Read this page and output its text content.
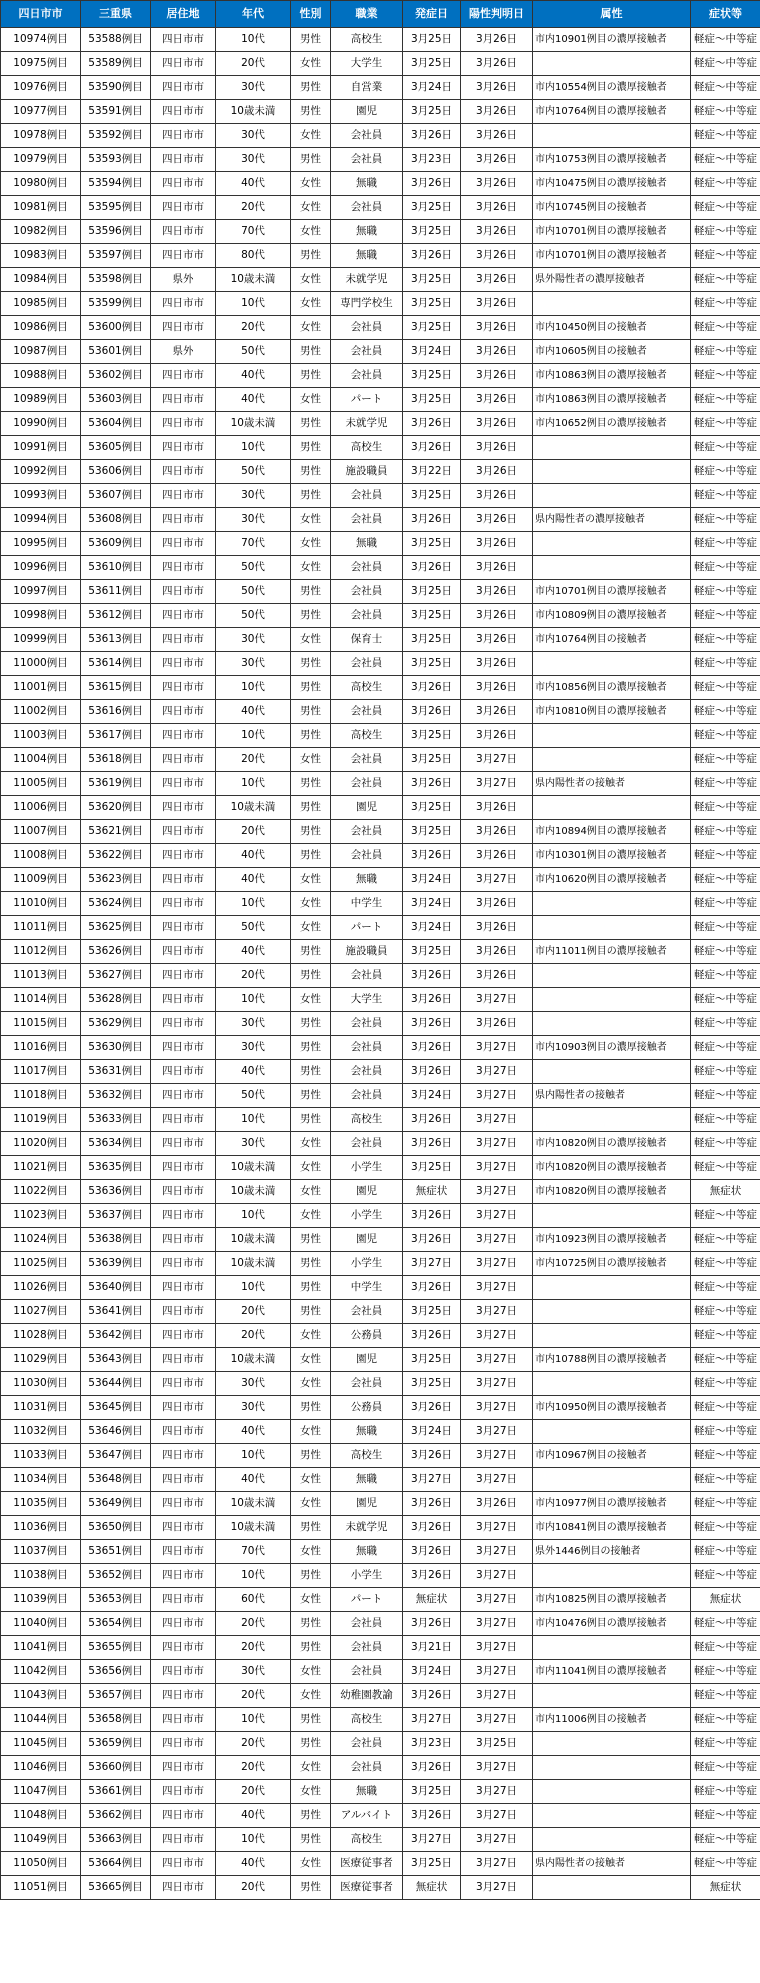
四日市市	三重県	居住地	年代	性別	職業	発症日	陽性判明日	属性	症状等
10974例目	53588例目	四日市市	10代	男性	高校生	3月25日	3月26日	市内10901例目の濃厚接触者	軽症～中等症
10975例目	53589例目	四日市市	20代	女性	大学生	3月25日	3月26日		軽症～中等症
10976例目	53590例目	四日市市	30代	男性	自営業	3月24日	3月26日	市内10554例目の濃厚接触者	軽症～中等症
10977例目	53591例目	四日市市	10歳未満	男性	園児	3月25日	3月26日	市内10764例目の濃厚接触者	軽症～中等症
10978例目	53592例目	四日市市	30代	女性	会社員	3月26日	3月26日		軽症～中等症
10979例目	53593例目	四日市市	30代	男性	会社員	3月23日	3月26日	市内10753例目の濃厚接触者	軽症～中等症
10980例目	53594例目	四日市市	40代	女性	無職	3月26日	3月26日	市内10475例目の濃厚接触者	軽症～中等症
10981例目	53595例目	四日市市	20代	女性	会社員	3月25日	3月26日	市内10745例目の接触者	軽症～中等症
10982例目	53596例目	四日市市	70代	女性	無職	3月25日	3月26日	市内10701例目の濃厚接触者	軽症～中等症
10983例目	53597例目	四日市市	80代	男性	無職	3月26日	3月26日	市内10701例目の濃厚接触者	軽症～中等症
10984例目	53598例目	県外	10歳未満	女性	未就学児	3月25日	3月26日	県外陽性者の濃厚接触者	軽症～中等症
10985例目	53599例目	四日市市	10代	女性	専門学校生	3月25日	3月26日		軽症～中等症
10986例目	53600例目	四日市市	20代	女性	会社員	3月25日	3月26日	市内10450例目の接触者	軽症～中等症
10987例目	53601例目	県外	50代	男性	会社員	3月24日	3月26日	市内10605例目の接触者	軽症～中等症
10988例目	53602例目	四日市市	40代	男性	会社員	3月25日	3月26日	市内10863例目の濃厚接触者	軽症～中等症
10989例目	53603例目	四日市市	40代	女性	パート	3月25日	3月26日	市内10863例目の濃厚接触者	軽症～中等症
10990例目	53604例目	四日市市	10歳未満	男性	未就学児	3月26日	3月26日	市内10652例目の濃厚接触者	軽症～中等症
10991例目	53605例目	四日市市	10代	男性	高校生	3月26日	3月26日		軽症～中等症
10992例目	53606例目	四日市市	50代	男性	施設職員	3月22日	3月26日		軽症～中等症
10993例目	53607例目	四日市市	30代	男性	会社員	3月25日	3月26日		軽症～中等症
10994例目	53608例目	四日市市	30代	女性	会社員	3月26日	3月26日	県内陽性者の濃厚接触者	軽症～中等症
10995例目	53609例目	四日市市	70代	女性	無職	3月25日	3月26日		軽症～中等症
10996例目	53610例目	四日市市	50代	女性	会社員	3月26日	3月26日		軽症～中等症
10997例目	53611例目	四日市市	50代	男性	会社員	3月25日	3月26日	市内10701例目の濃厚接触者	軽症～中等症
10998例目	53612例目	四日市市	50代	男性	会社員	3月25日	3月26日	市内10809例目の濃厚接触者	軽症～中等症
10999例目	53613例目	四日市市	30代	女性	保育士	3月25日	3月26日	市内10764例目の接触者	軽症～中等症
11000例目	53614例目	四日市市	30代	男性	会社員	3月25日	3月26日		軽症～中等症
11001例目	53615例目	四日市市	10代	男性	高校生	3月26日	3月26日	市内10856例目の濃厚接触者	軽症～中等症
11002例目	53616例目	四日市市	40代	男性	会社員	3月26日	3月26日	市内10810例目の濃厚接触者	軽症～中等症
11003例目	53617例目	四日市市	10代	男性	高校生	3月25日	3月26日		軽症～中等症
11004例目	53618例目	四日市市	20代	女性	会社員	3月25日	3月27日		軽症～中等症
11005例目	53619例目	四日市市	10代	男性	会社員	3月26日	3月27日	県内陽性者の接触者	軽症～中等症
11006例目	53620例目	四日市市	10歳未満	男性	園児	3月25日	3月26日		軽症～中等症
11007例目	53621例目	四日市市	20代	男性	会社員	3月25日	3月26日	市内10894例目の濃厚接触者	軽症～中等症
11008例目	53622例目	四日市市	40代	男性	会社員	3月26日	3月26日	市内10301例目の濃厚接触者	軽症～中等症
11009例目	53623例目	四日市市	40代	女性	無職	3月24日	3月27日	市内10620例目の濃厚接触者	軽症～中等症
11010例目	53624例目	四日市市	10代	女性	中学生	3月24日	3月26日		軽症～中等症
11011例目	53625例目	四日市市	50代	女性	パート	3月24日	3月26日		軽症～中等症
11012例目	53626例目	四日市市	40代	男性	施設職員	3月25日	3月26日	市内11011例目の濃厚接触者	軽症～中等症
11013例目	53627例目	四日市市	20代	男性	会社員	3月26日	3月26日		軽症～中等症
11014例目	53628例目	四日市市	10代	女性	大学生	3月26日	3月27日		軽症～中等症
11015例目	53629例目	四日市市	30代	男性	会社員	3月26日	3月26日		軽症～中等症
11016例目	53630例目	四日市市	30代	男性	会社員	3月26日	3月27日	市内10903例目の濃厚接触者	軽症～中等症
11017例目	53631例目	四日市市	40代	男性	会社員	3月26日	3月27日		軽症～中等症
11018例目	53632例目	四日市市	50代	男性	会社員	3月24日	3月27日	県内陽性者の接触者	軽症～中等症
11019例目	53633例目	四日市市	10代	男性	高校生	3月26日	3月27日		軽症～中等症
11020例目	53634例目	四日市市	30代	女性	会社員	3月26日	3月27日	市内10820例目の濃厚接触者	軽症～中等症
11021例目	53635例目	四日市市	10歳未満	女性	小学生	3月25日	3月27日	市内10820例目の濃厚接触者	軽症～中等症
11022例目	53636例目	四日市市	10歳未満	女性	園児	無症状	3月27日	市内10820例目の濃厚接触者	無症状
11023例目	53637例目	四日市市	10代	女性	小学生	3月26日	3月27日		軽症～中等症
11024例目	53638例目	四日市市	10歳未満	男性	園児	3月26日	3月27日	市内10923例目の濃厚接触者	軽症～中等症
11025例目	53639例目	四日市市	10歳未満	男性	小学生	3月27日	3月27日	市内10725例目の濃厚接触者	軽症～中等症
11026例目	53640例目	四日市市	10代	男性	中学生	3月26日	3月27日		軽症～中等症
11027例目	53641例目	四日市市	20代	男性	会社員	3月25日	3月27日		軽症～中等症
11028例目	53642例目	四日市市	20代	女性	公務員	3月26日	3月27日		軽症～中等症
11029例目	53643例目	四日市市	10歳未満	女性	園児	3月25日	3月27日	市内10788例目の濃厚接触者	軽症～中等症
11030例目	53644例目	四日市市	30代	女性	会社員	3月25日	3月27日		軽症～中等症
11031例目	53645例目	四日市市	30代	男性	公務員	3月26日	3月27日	市内10950例目の濃厚接触者	軽症～中等症
11032例目	53646例目	四日市市	40代	女性	無職	3月24日	3月27日		軽症～中等症
11033例目	53647例目	四日市市	10代	男性	高校生	3月26日	3月27日	市内10967例目の接触者	軽症～中等症
11034例目	53648例目	四日市市	40代	女性	無職	3月27日	3月27日		軽症～中等症
11035例目	53649例目	四日市市	10歳未満	女性	園児	3月26日	3月26日	市内10977例目の濃厚接触者	軽症～中等症
11036例目	53650例目	四日市市	10歳未満	男性	未就学児	3月26日	3月27日	市内10841例目の濃厚接触者	軽症～中等症
11037例目	53651例目	四日市市	70代	女性	無職	3月26日	3月27日	県外1446例目の接触者	軽症～中等症
11038例目	53652例目	四日市市	10代	男性	小学生	3月26日	3月27日		軽症～中等症
11039例目	53653例目	四日市市	60代	女性	パート	無症状	3月27日	市内10825例目の濃厚接触者	無症状
11040例目	53654例目	四日市市	20代	男性	会社員	3月26日	3月27日	市内10476例目の濃厚接触者	軽症～中等症
11041例目	53655例目	四日市市	20代	男性	会社員	3月21日	3月27日		軽症～中等症
11042例目	53656例目	四日市市	30代	女性	会社員	3月24日	3月27日	市内11041例目の濃厚接触者	軽症～中等症
11043例目	53657例目	四日市市	20代	女性	幼稚園教諭	3月26日	3月27日		軽症～中等症
11044例目	53658例目	四日市市	10代	男性	高校生	3月27日	3月27日	市内11006例目の接触者	軽症～中等症
11045例目	53659例目	四日市市	20代	男性	会社員	3月23日	3月25日		軽症～中等症
11046例目	53660例目	四日市市	20代	女性	会社員	3月26日	3月27日		軽症～中等症
11047例目	53661例目	四日市市	20代	女性	無職	3月25日	3月27日		軽症～中等症
11048例目	53662例目	四日市市	40代	男性	アルバイト	3月26日	3月27日		軽症～中等症
11049例目	53663例目	四日市市	10代	男性	高校生	3月27日	3月27日		軽症～中等症
11050例目	53664例目	四日市市	40代	女性	医療従事者	3月25日	3月27日	県内陽性者の接触者	軽症～中等症
11051例目	53665例目	四日市市	20代	男性	医療従事者	無症状	3月27日		無症状
